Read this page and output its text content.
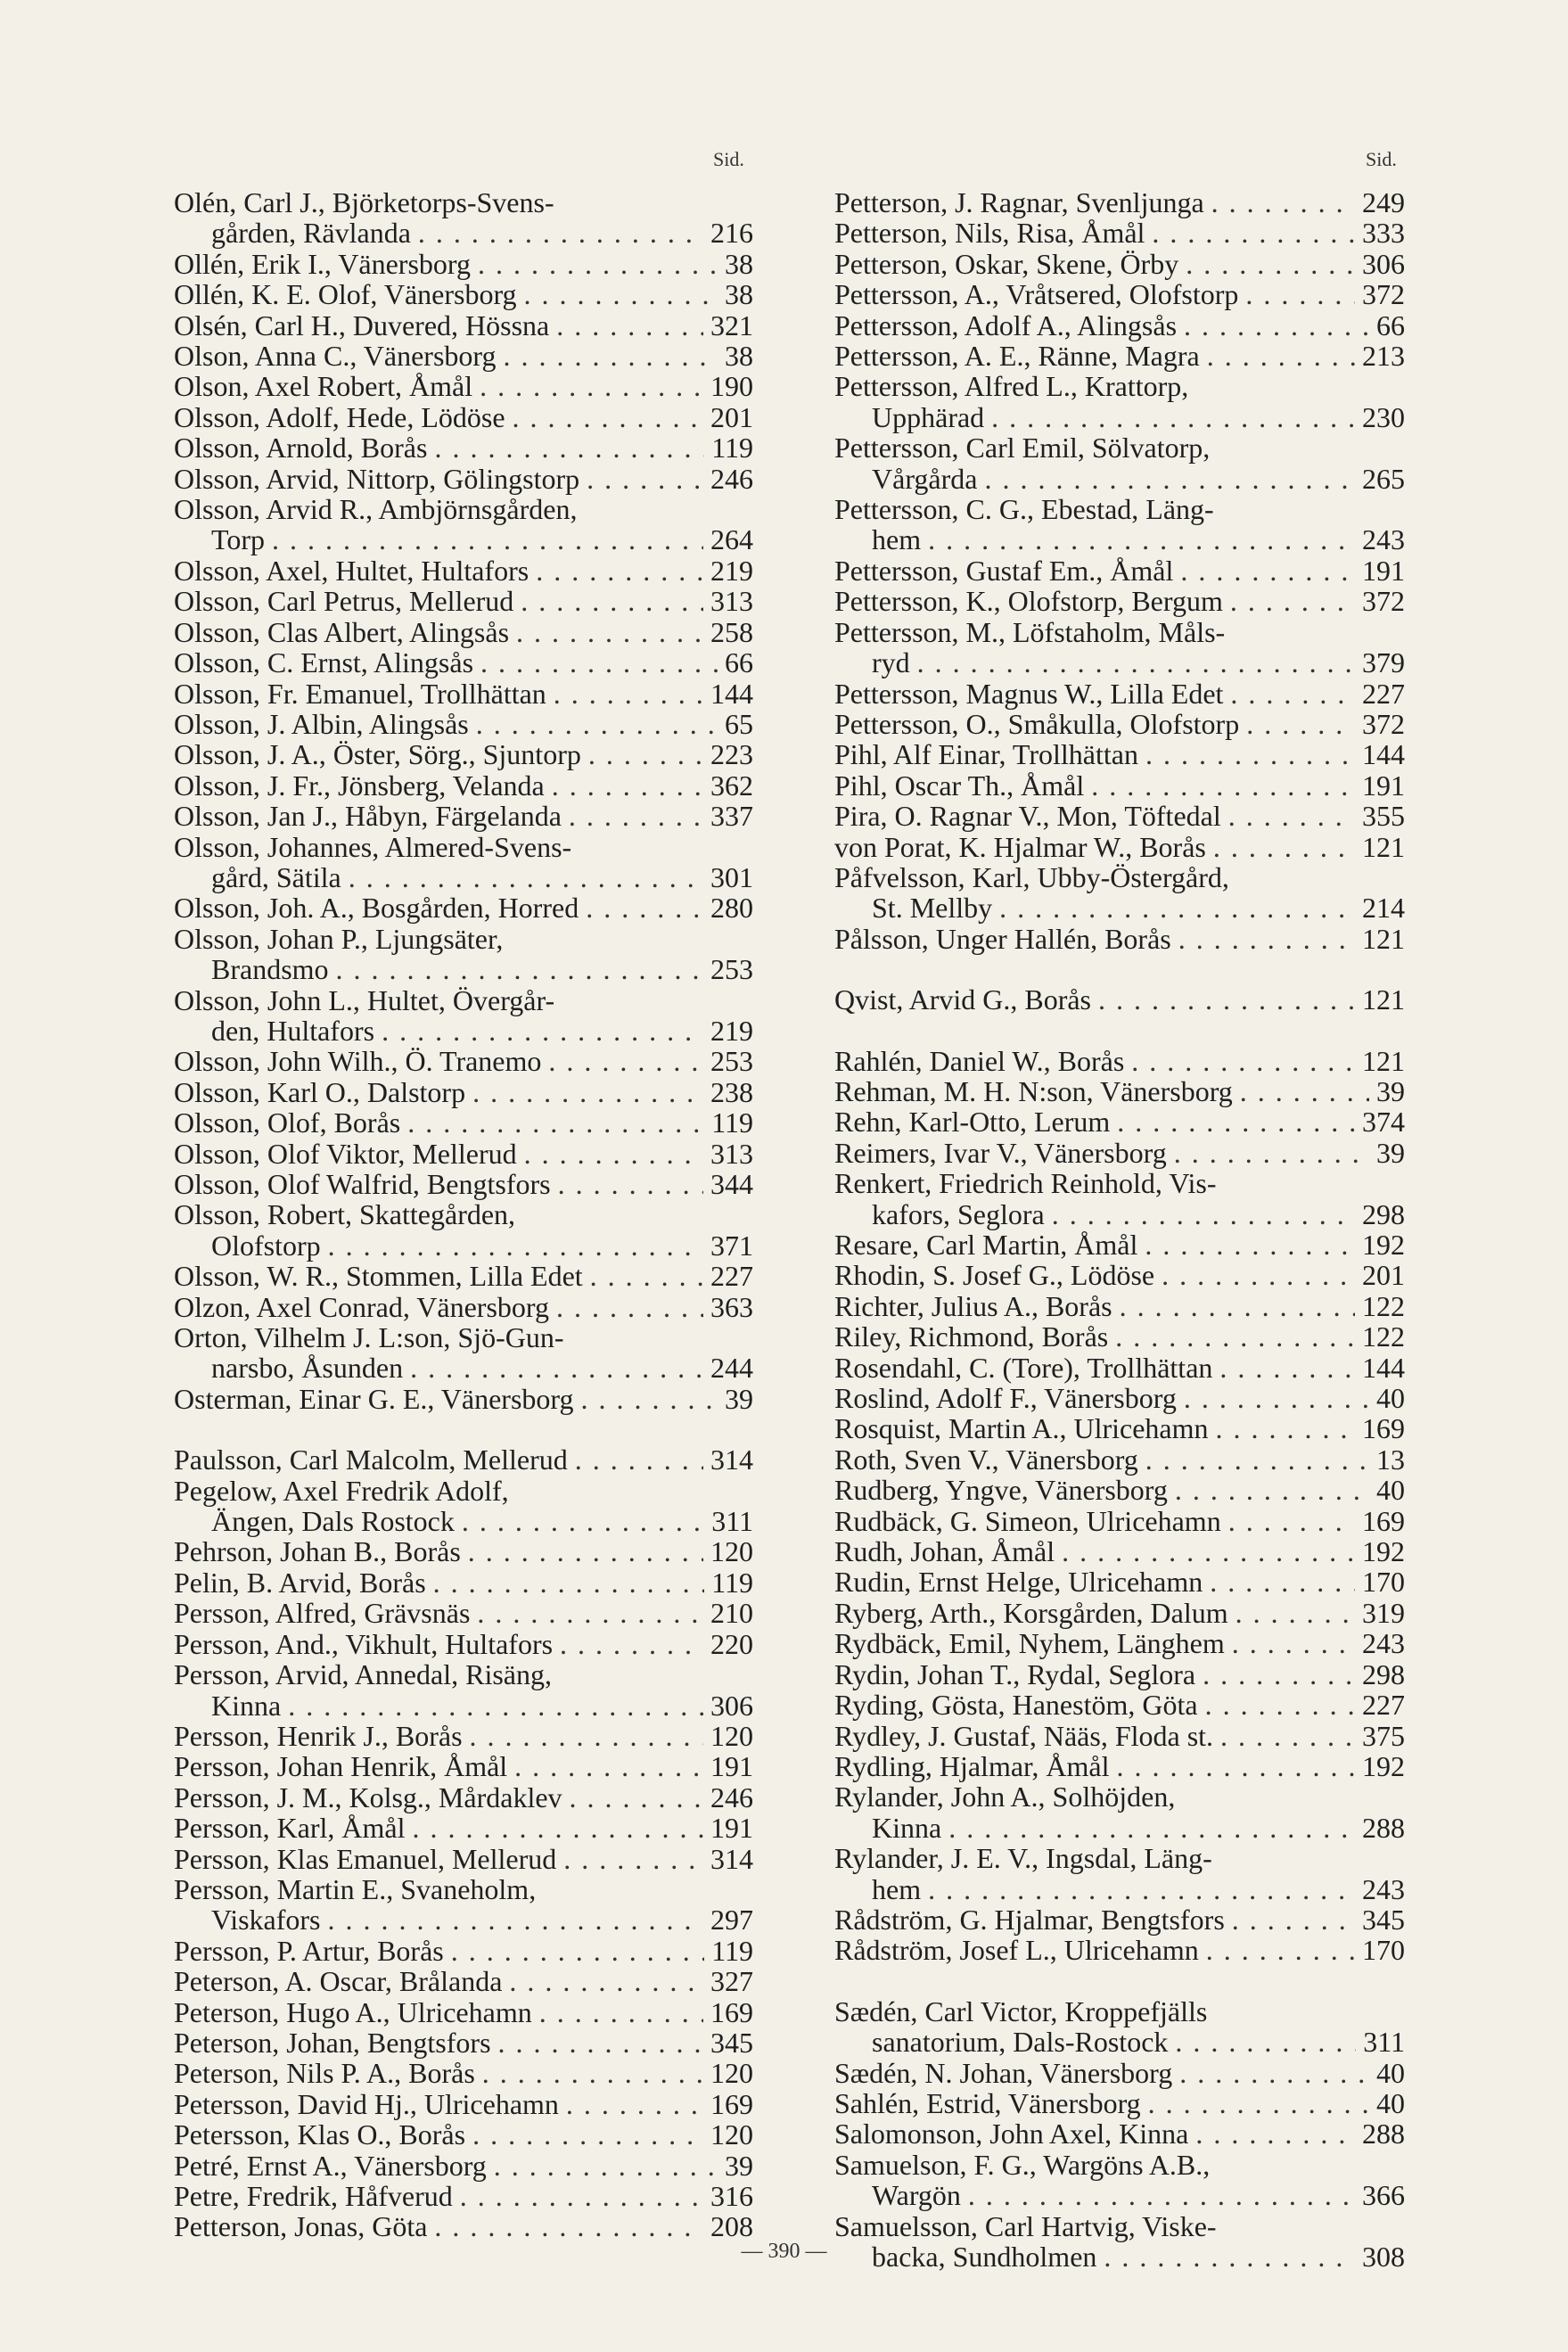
Sid.	Sid.
Olén, Carl J., Björketorps-Svens-
gården, Rävlanda . . .	216
Ollén, Erik I., Vänersborg . . .	38
Ollén, K. E. Olof, Vänersborg . . .	38
Olsén, Carl H., Duvered, Hössna . . .	321
Olson, Anna C., Vänersborg . . .	38
Olson, Axel Robert, Åmål . . .	190
Olsson, Adolf, Hede, Lödöse . . .	201
Olsson, Arnold, Borås . . .	119
Olsson, Arvid, Nittorp, Gölingstorp . . .	246
Olsson, Arvid R., Ambjörnsgården,
Torp . . .	264
Olsson, Axel, Hultet, Hultafors . . .	219
Olsson, Carl Petrus, Mellerud . . .	313
Olsson, Clas Albert, Alingsås . . .	258
Olsson, C. Ernst, Alingsås . . .	66
Olsson, Fr. Emanuel, Trollhättan . . .	144
Olsson, J. Albin, Alingsås . . .	65
Olsson, J. A., Öster, Sörg., Sjuntorp . . .	223
Olsson, J. Fr., Jönsberg, Velanda . . .	362
Olsson, Jan J., Håbyn, Färgelanda . . .	337
Olsson, Johannes, Almered-Svens-
gård, Sätila . . .	301
Olsson, Joh. A., Bosgården, Horred . . .	280
Olsson, Johan P., Ljungsäter,
Brandsmo . . .	253
Olsson, John L., Hultet, Övergår-
den, Hultafors . . .	219
Olsson, John Wilh., Ö. Tranemo . . .	253
Olsson, Karl O., Dalstorp . . .	238
Olsson, Olof, Borås . . .	119
Olsson, Olof Viktor, Mellerud . . .	313
Olsson, Olof Walfrid, Bengtsfors . . .	344
Olsson, Robert, Skattegården,
Olofstorp . . .	371
Olsson, W. R., Stommen, Lilla Edet . . .	227
Olzon, Axel Conrad, Vänersborg . . .	363
Orton, Vilhelm J. L:son, Sjö-Gun-
narsbo, Åsunden . . .	244
Osterman, Einar G. E., Vänersborg . . .	39
Paulsson, Carl Malcolm, Mellerud . . .	314
Pegelow, Axel Fredrik Adolf,
Ängen, Dals Rostock . . .	311
Pehrson, Johan B., Borås . . .	120
Pelin, B. Arvid, Borås . . .	119
Persson, Alfred, Grävsnäs . . .	210
Persson, And., Vikhult, Hultafors . . .	220
Persson, Arvid, Annedal, Risäng,
Kinna . . .	306
Persson, Henrik J., Borås . . .	120
Persson, Johan Henrik, Åmål . . .	191
Persson, J. M., Kolsg., Mårdaklev . . .	246
Persson, Karl, Åmål . . .	191
Persson, Klas Emanuel, Mellerud . . .	314
Persson, Martin E., Svaneholm,
Viskafors . . .	297
Persson, P. Artur, Borås . . .	119
Peterson, A. Oscar, Brålanda . . .	327
Peterson, Hugo A., Ulricehamn . . .	169
Peterson, Johan, Bengtsfors . . .	345
Peterson, Nils P. A., Borås . . .	120
Petersson, David Hj., Ulricehamn . . .	169
Petersson, Klas O., Borås . . .	120
Petré, Ernst A., Vänersborg . . .	39
Petre, Fredrik, Håfverud . . .	316
Petterson, Jonas, Göta . . .	208
Petterson, J. Ragnar, Svenljunga . . .	249
Petterson, Nils, Risa, Åmål . . .	333
Petterson, Oskar, Skene, Örby . . .	306
Pettersson, A., Vråtsered, Olofstorp . . .	372
Pettersson, Adolf A., Alingsås . . .	66
Pettersson, A. E., Ränne, Magra . . .	213
Pettersson, Alfred L., Krattorp,
Upphärad . . .	230
Pettersson, Carl Emil, Sölvatorp,
Vårgårda . . .	265
Pettersson, C. G., Ebestad, Läng-
hem . . .	243
Pettersson, Gustaf Em., Åmål . . .	191
Pettersson, K., Olofstorp, Bergum . . .	372
Pettersson, M., Löfstaholm, Måls-
ryd . . .	379
Pettersson, Magnus W., Lilla Edet . . .	227
Pettersson, O., Småkulla, Olofstorp . . .	372
Pihl, Alf Einar, Trollhättan . . .	144
Pihl, Oscar Th., Åmål . . .	191
Pira, O. Ragnar V., Mon, Töftedal . . .	355
von Porat, K. Hjalmar W., Borås . . .	121
Påfvelsson, Karl, Ubby-Östergård,
St. Mellby . . .	214
Pålsson, Unger Hallén, Borås . . .	121
Qvist, Arvid G., Borås . . .	121
Rahlén, Daniel W., Borås . . .	121
Rehman, M. H. N:son, Vänersborg . . .	39
Rehn, Karl-Otto, Lerum . . .	374
Reimers, Ivar V., Vänersborg . . .	39
Renkert, Friedrich Reinhold, Vis-
kafors, Seglora . . .	298
Resare, Carl Martin, Åmål . . .	192
Rhodin, S. Josef G., Lödöse . . .	201
Richter, Julius A., Borås . . .	122
Riley, Richmond, Borås . . .	122
Rosendahl, C. (Tore), Trollhättan . . .	144
Roslind, Adolf F., Vänersborg . . .	40
Rosquist, Martin A., Ulricehamn . . .	169
Roth, Sven V., Vänersborg . . .	13
Rudberg, Yngve, Vänersborg . . .	40
Rudbäck, G. Simeon, Ulricehamn . . .	169
Rudh, Johan, Åmål . . .	192
Rudin, Ernst Helge, Ulricehamn . . .	170
Ryberg, Arth., Korsgården, Dalum . . .	319
Rydbäck, Emil, Nyhem, Länghem . . .	243
Rydin, Johan T., Rydal, Seglora . . .	298
Ryding, Gösta, Hanestöm, Göta . . .	227
Rydley, J. Gustaf, Nääs, Floda st. . . .	375
Rydling, Hjalmar, Åmål . . .	192
Rylander, John A., Solhöjden,
Kinna . . .	288
Rylander, J. E. V., Ingsdal, Läng-
hem . . .	243
Rådström, G. Hjalmar, Bengtsfors . . .	345
Rådström, Josef L., Ulricehamn . . .	170
Sædén, Carl Victor, Kroppefjälls
sanatorium, Dals-Rostock . . .	311
Sædén, N. Johan, Vänersborg . . .	40
Sahlén, Estrid, Vänersborg . . .	40
Salomonson, John Axel, Kinna . . .	288
Samuelson, F. G., Wargöns A.B.,
Wargön . . .	366
Samuelsson, Carl Hartvig, Viske-
backa, Sundholmen . . .	308
— 390 —
